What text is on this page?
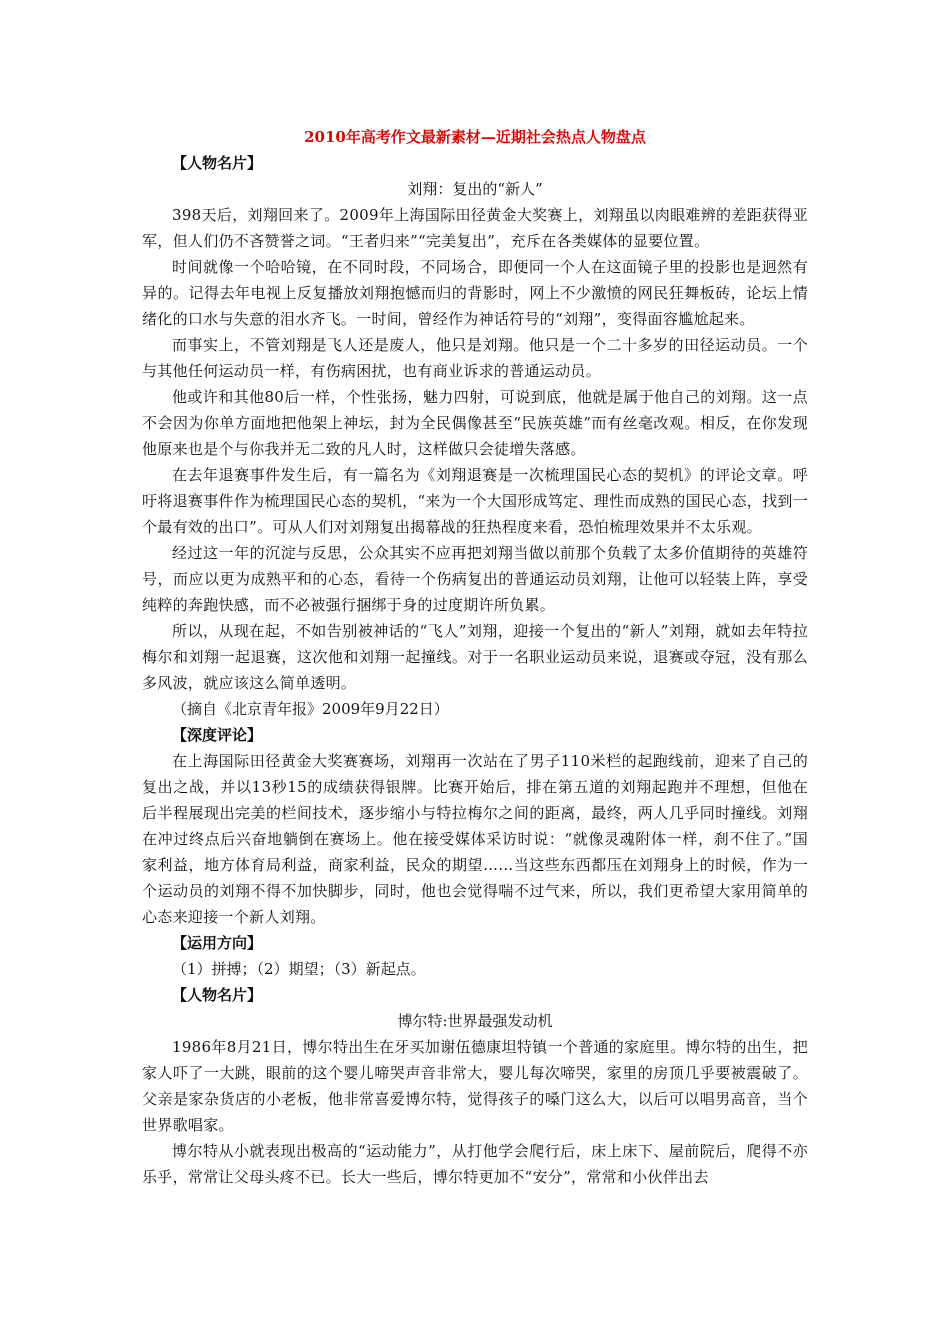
2010年高考作文最新素材—近期社会热点人物盘点

【人物名片】

刘翔：复出的“新人”

398天后，刘翔回来了。2009年上海国际田径黄金大奖赛上，刘翔虽以肉眼难辨的差距获得亚军，但人们仍不吝赞誉之词。“王者归来”“完美复出”，充斥在各类媒体的显要位置。

时间就像一个哈哈镜，在不同时段，不同场合，即便同一个人在这面镜子里的投影也是迥然有异的。记得去年电视上反复播放刘翔抱憾而归的背影时，网上不少激愤的网民狂舞板砖，论坛上情绪化的口水与失意的泪水齐飞。一时间，曾经作为神话符号的“刘翔”，变得面容尴尬起来。

而事实上，不管刘翔是飞人还是废人，他只是刘翔。他只是一个二十多岁的田径运动员。一个与其他任何运动员一样，有伤病困扰，也有商业诉求的普通运动员。

他或许和其他80后一样，个性张扬，魅力四射，可说到底，他就是属于他自己的刘翔。这一点不会因为你单方面地把他架上神坛，封为全民偶像甚至“民族英雄”而有丝毫改观。相反，在你发现他原来也是个与你我并无二致的凡人时，这样做只会徒增失落感。

在去年退赛事件发生后，有一篇名为《刘翔退赛是一次梳理国民心态的契机》的评论文章。呼吁将退赛事件作为梳理国民心态的契机，“来为一个大国形成笃定、理性而成熟的国民心态，找到一个最有效的出口”。可从人们对刘翔复出揭幕战的狂热程度来看，恐怕梳理效果并不太乐观。

经过这一年的沉淀与反思，公众其实不应再把刘翔当做以前那个负载了太多价值期待的英雄符号，而应以更为成熟平和的心态，看待一个伤病复出的普通运动员刘翔，让他可以轻装上阵，享受纯粹的奔跑快感，而不必被强行捆绑于身的过度期许所负累。

所以，从现在起，不如告别被神话的“飞人”刘翔，迎接一个复出的“新人”刘翔，就如去年特拉梅尔和刘翔一起退赛，这次他和刘翔一起撞线。对于一名职业运动员来说，退赛或夺冠，没有那么多风波，就应该这么简单透明。

（摘自《北京青年报》2009年9月22日）

【深度评论】

在上海国际田径黄金大奖赛赛场，刘翔再一次站在了男子110米栏的起跑线前，迎来了自己的复出之战，并以13秒15的成绩获得银牌。比赛开始后，排在第五道的刘翔起跑并不理想，但他在后半程展现出完美的栏间技术，逐步缩小与特拉梅尔之间的距离，最终，两人几乎同时撞线。刘翔在冲过终点后兴奋地躺倒在赛场上。他在接受媒体采访时说：“就像灵魂附体一样，刹不住了。”国家利益，地方体育局利益，商家利益，民众的期望……当这些东西都压在刘翔身上的时候，作为一个运动员的刘翔不得不加快脚步，同时，他也会觉得喘不过气来，所以，我们更希望大家用简单的心态来迎接一个新人刘翔。

【运用方向】

（1）拼搏；（2）期望；（3）新起点。

【人物名片】

博尔特:世界最强发动机

1986年8月21日，博尔特出生在牙买加谢伍德康坦特镇一个普通的家庭里。博尔特的出生，把家人吓了一大跳，眼前的这个婴儿啼哭声音非常大，婴儿每次啼哭，家里的房顶几乎要被震破了。父亲是家杂货店的小老板，他非常喜爱博尔特，觉得孩子的嗓门这么大，以后可以唱男高音，当个世界歌唱家。

博尔特从小就表现出极高的“运动能力”，从打他学会爬行后，床上床下、屋前院后，爬得不亦乐乎，常常让父母头疼不已。长大一些后，博尔特更加不“安分”，常常和小伙伴出去
